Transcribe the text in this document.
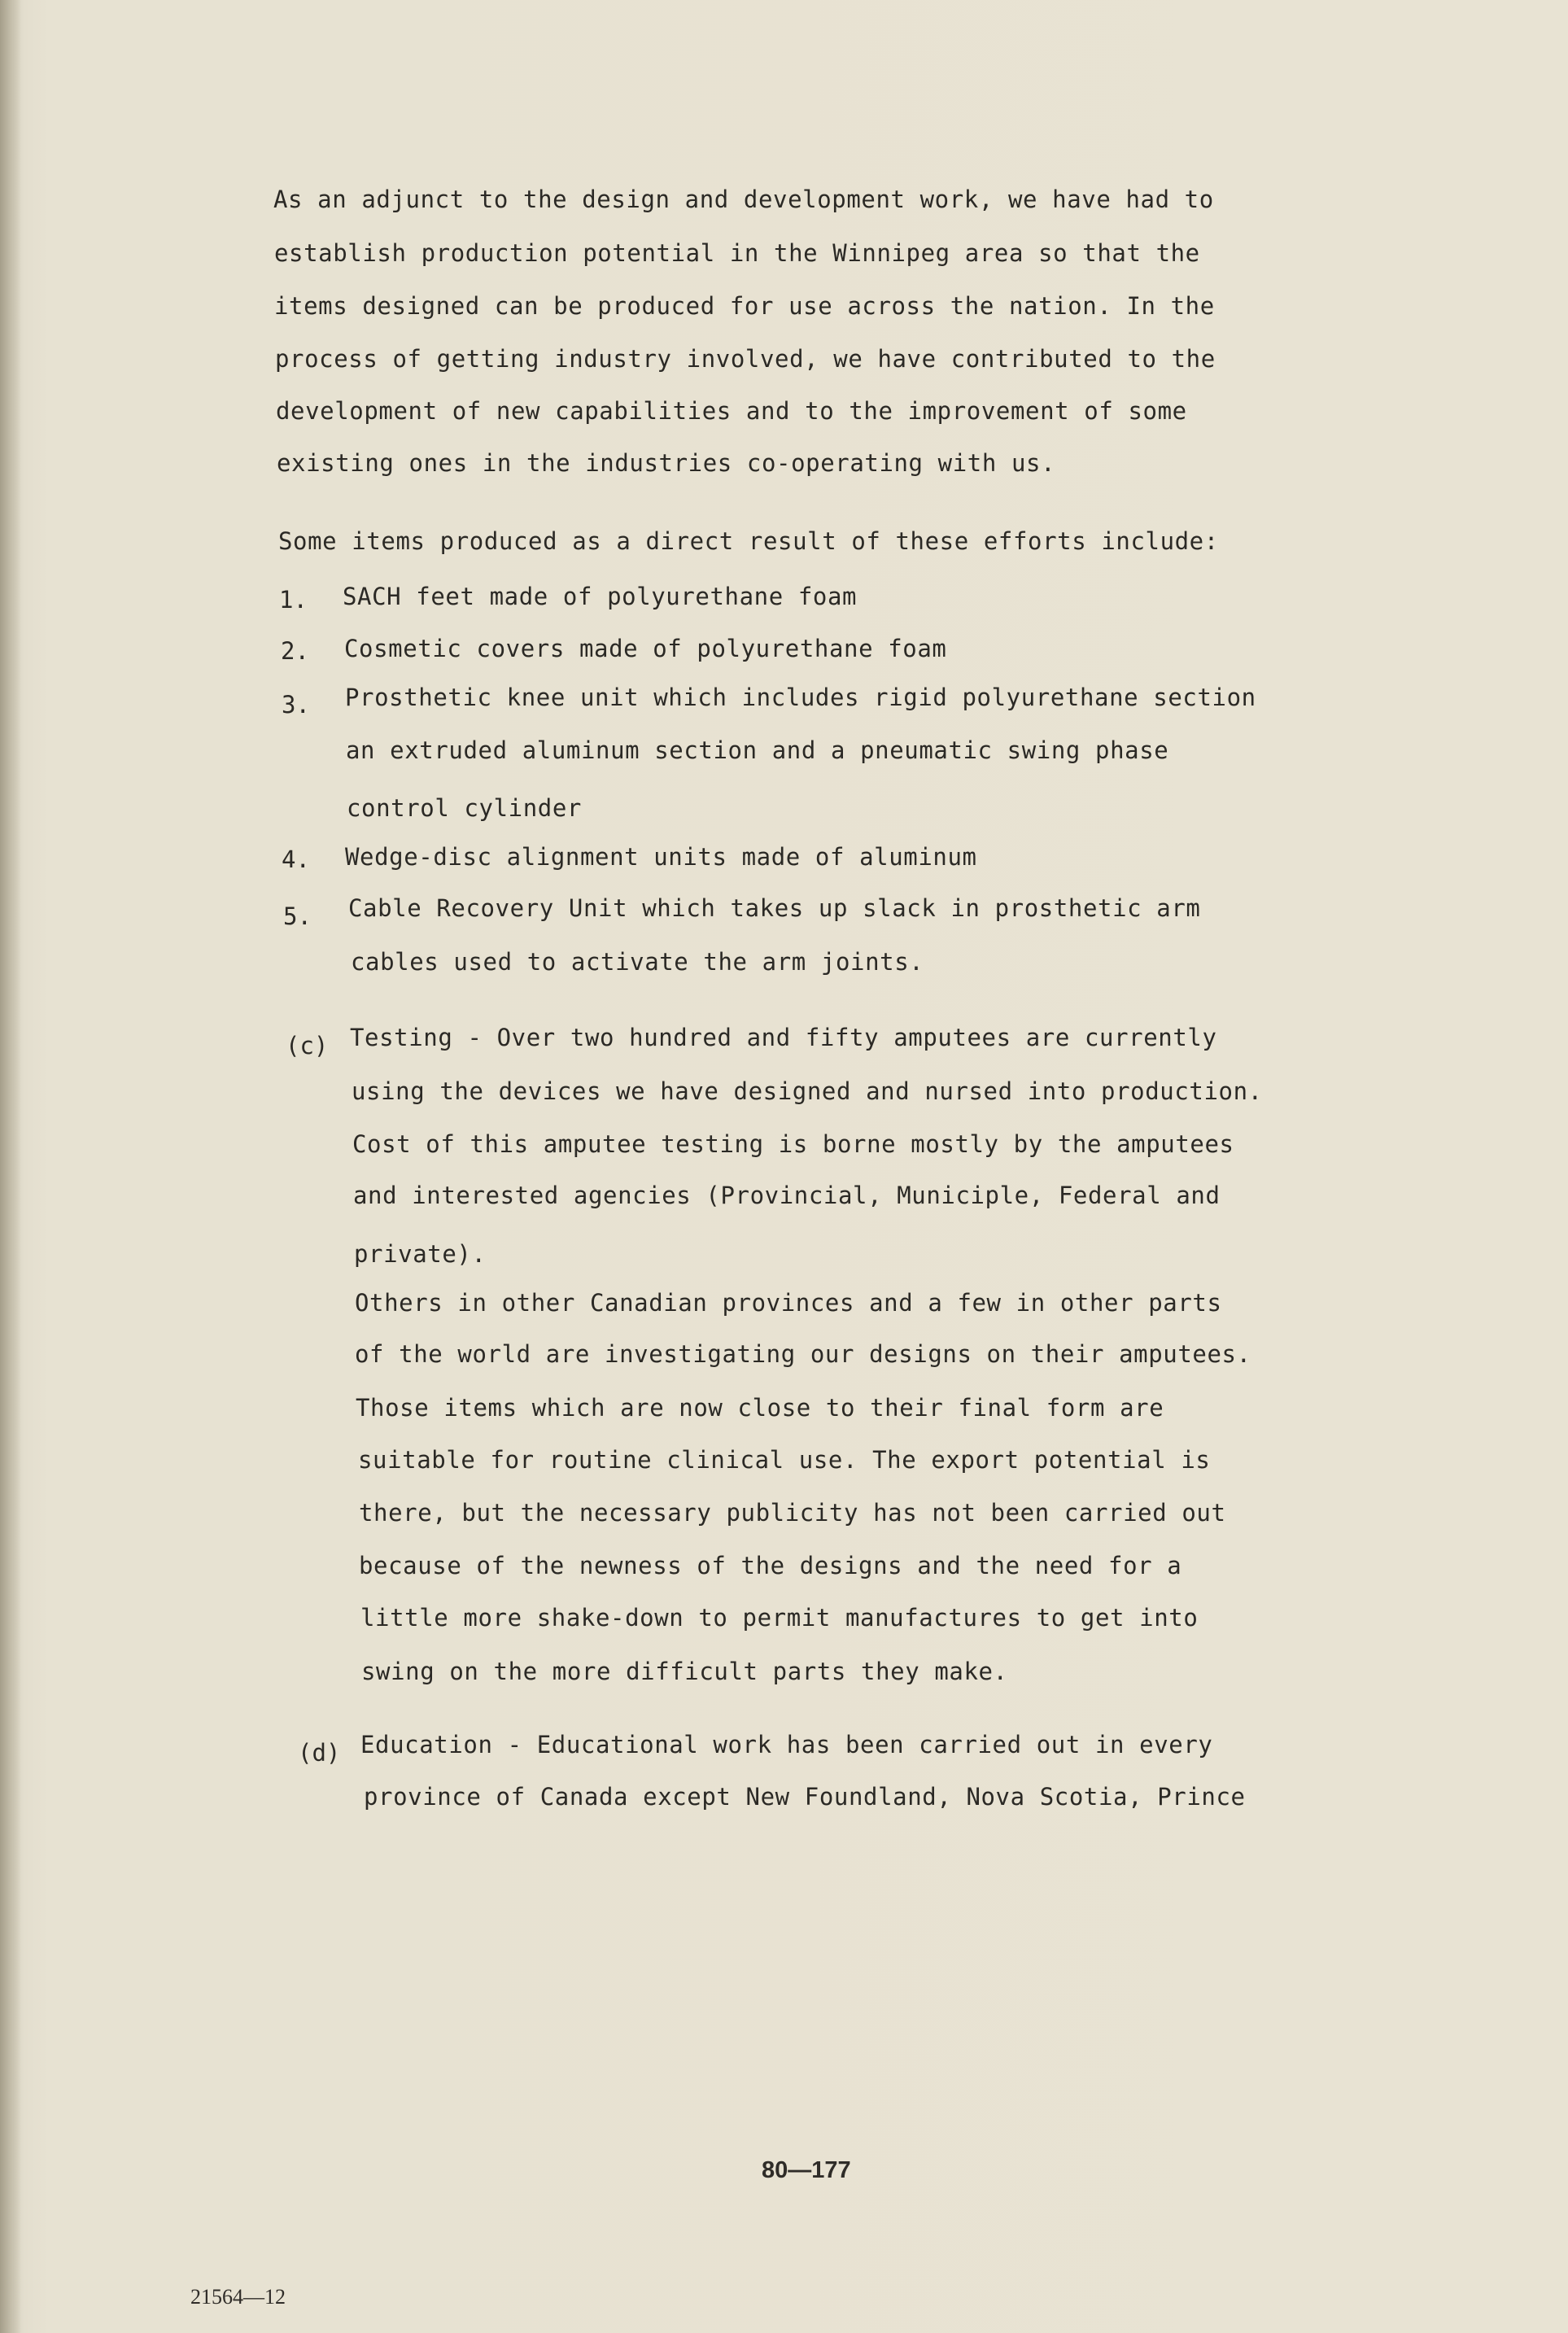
As an adjunct to the design and development work, we have had to
establish production potential in the Winnipeg area so that the
items designed can be produced for use across the nation. In the
process of getting industry involved, we have contributed to the
development of new capabilities and to the improvement of some
existing ones in the industries co-operating with us.
Some items produced as a direct result of these efforts include:
1. SACH feet made of polyurethane foam
2. Cosmetic covers made of polyurethane foam
3. Prosthetic knee unit which includes rigid polyurethane section
an extruded aluminum section and a pneumatic swing phase
control cylinder
4. Wedge-disc alignment units made of aluminum
5. Cable Recovery Unit which takes up slack in prosthetic arm
cables used to activate the arm joints.
(c) Testing - Over two hundred and fifty amputees are currently
using the devices we have designed and nursed into production.
Cost of this amputee testing is borne mostly by the amputees
and interested agencies (Provincial, Municiple, Federal and
private).
Others in other Canadian provinces and a few in other parts
of the world are investigating our designs on their amputees.
Those items which are now close to their final form are
suitable for routine clinical use. The export potential is
there, but the necessary publicity has not been carried out
because of the newness of the designs and the need for a
little more shake-down to permit manufactures to get into
swing on the more difficult parts they make.
(d) Education - Educational work has been carried out in every
province of Canada except New Foundland, Nova Scotia, Prince
80—177
21564—12
